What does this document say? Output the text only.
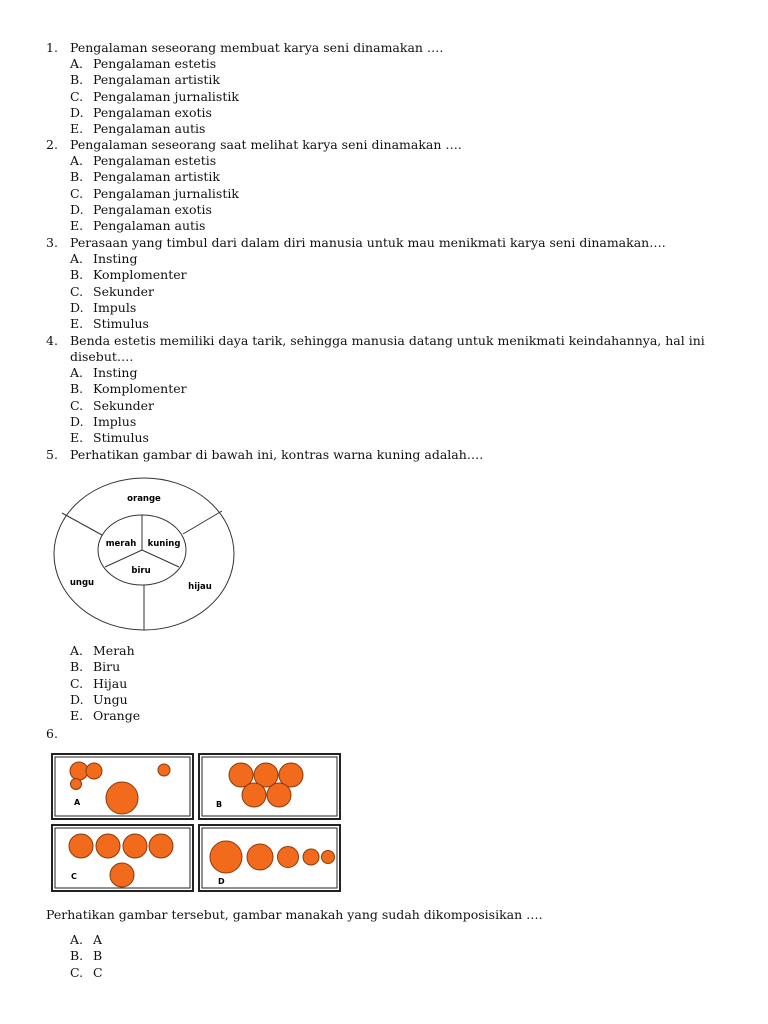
1. Pengalaman seseorang membuat karya seni dinamakan ….
A. Pengalaman estetis
B. Pengalaman artistik
C. Pengalaman jurnalistik
D. Pengalaman exotis
E. Pengalaman autis
2. Pengalaman seseorang saat melihat karya seni dinamakan ….
A. Pengalaman estetis
B. Pengalaman artistik
C. Pengalaman jurnalistik
D. Pengalaman exotis
E. Pengalaman autis
3. Perasaan yang timbul dari dalam diri manusia untuk mau menikmati karya seni dinamakan….
A. Insting
B. Komplomenter
C. Sekunder
D. Impuls
E. Stimulus
4. Benda estetis memiliki daya tarik, sehingga manusia datang untuk menikmati keindahannya, hal ini disebut….
A. Insting
B. Komplomenter
C. Sekunder
D. Implus
E. Stimulus
5. Perhatikan gambar di bawah ini, kontras warna kuning adalah….
orange
ungu	hijau
merah kuning
biru
A. Merah
B. Biru
C. Hijau
D. Ungu
E. Orange
6.
A	B
C
D
Perhatikan gambar tersebut, gambar manakah yang sudah dikomposisikan ….
A. A
B. B
C. C
